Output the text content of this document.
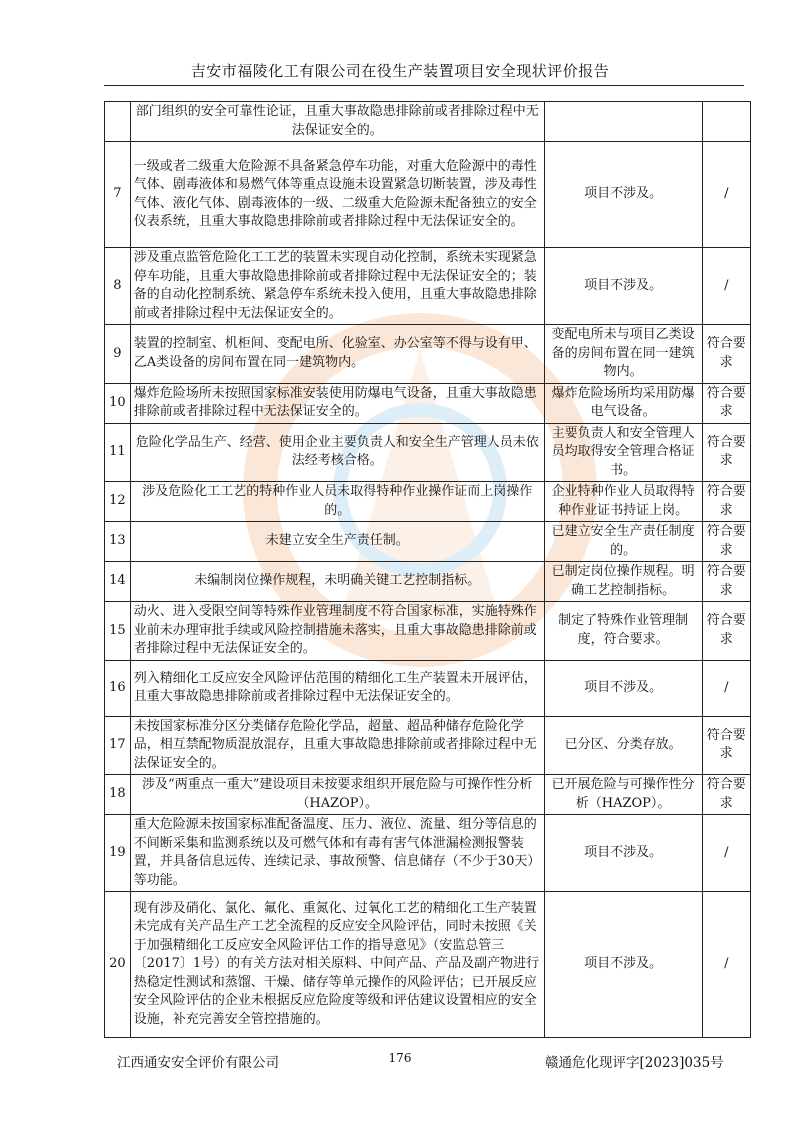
吉安市福陵化工有限公司在役生产装置项目安全现状评价报告
	部门组织的安全可靠性论证，且重大事故隐患排除前或者排除过程中无法保证安全的。		
7	一级或者二级重大危险源不具备紧急停车功能，对重大危险源中的毒性气体、剧毒液体和易燃气体等重点设施未设置紧急切断装置，涉及毒性气体、液化气体、剧毒液体的一级、二级重大危险源未配备独立的安全仪表系统，且重大事故隐患排除前或者排除过程中无法保证安全的。	项目不涉及。	/
8	涉及重点监管危险化工工艺的装置未实现自动化控制，系统未实现紧急停车功能，且重大事故隐患排除前或者排除过程中无法保证安全的；装备的自动化控制系统、紧急停车系统未投入使用，且重大事故隐患排除前或者排除过程中无法保证安全的。	项目不涉及。	/
9	装置的控制室、机柜间、变配电所、化验室、办公室等不得与设有甲、乙A类设备的房间布置在同一建筑物内。	变配电所未与项目乙类设备的房间布置在同一建筑物内。	符合要求
10	爆炸危险场所未按照国家标准安装使用防爆电气设备，且重大事故隐患排除前或者排除过程中无法保证安全的。	爆炸危险场所均采用防爆电气设备。	符合要求
11	危险化学品生产、经营、使用企业主要负责人和安全生产管理人员未依法经考核合格。	主要负责人和安全管理人员均取得安全管理合格证书。	符合要求
12	涉及危险化工工艺的特种作业人员未取得特种作业操作证而上岗操作的。	企业特种作业人员取得特种作业证书持证上岗。	符合要求
13	未建立安全生产责任制。	已建立安全生产责任制度的。	符合要求
14	未编制岗位操作规程，未明确关键工艺控制指标。	已制定岗位操作规程。明确工艺控制指标。	符合要求
15	动火、进入受限空间等特殊作业管理制度不符合国家标准，实施特殊作业前未办理审批手续或风险控制措施未落实，且重大事故隐患排除前或者排除过程中无法保证安全的。	制定了特殊作业管理制度，符合要求。	符合要求
16	列入精细化工反应安全风险评估范围的精细化工生产装置未开展评估，且重大事故隐患排除前或者排除过程中无法保证安全的。	项目不涉及。	/
17	未按国家标准分区分类储存危险化学品，超量、超品种储存危险化学品，相互禁配物质混放混存，且重大事故隐患排除前或者排除过程中无法保证安全的。	已分区、分类存放。	符合要求
18	涉及“两重点一重大”建设项目未按要求组织开展危险与可操作性分析（HAZOP）。	已开展危险与可操作性分析（HAZOP）。	符合要求
19	重大危险源未按国家标准配备温度、压力、液位、流量、组分等信息的不间断采集和监测系统以及可燃气体和有毒有害气体泄漏检测报警装置，并具备信息远传、连续记录、事故预警、信息储存（不少于30天）等功能。	项目不涉及。	/
20	现有涉及硝化、氯化、氟化、重氮化、过氧化工艺的精细化工生产装置未完成有关产品生产工艺全流程的反应安全风险评估，同时未按照《关于加强精细化工反应安全风险评估工作的指导意见》（安监总管三〔2017〕1号）的有关方法对相关原料、中间产品、产品及副产物进行热稳定性测试和蒸馏、干燥、储存等单元操作的风险评估；已开展反应安全风险评估的企业未根据反应危险度等级和评估建议设置相应的安全设施，补充完善安全管控措施的。	项目不涉及。	/
江西通安安全评价有限公司	176	赣通危化现评字[2023]035号
